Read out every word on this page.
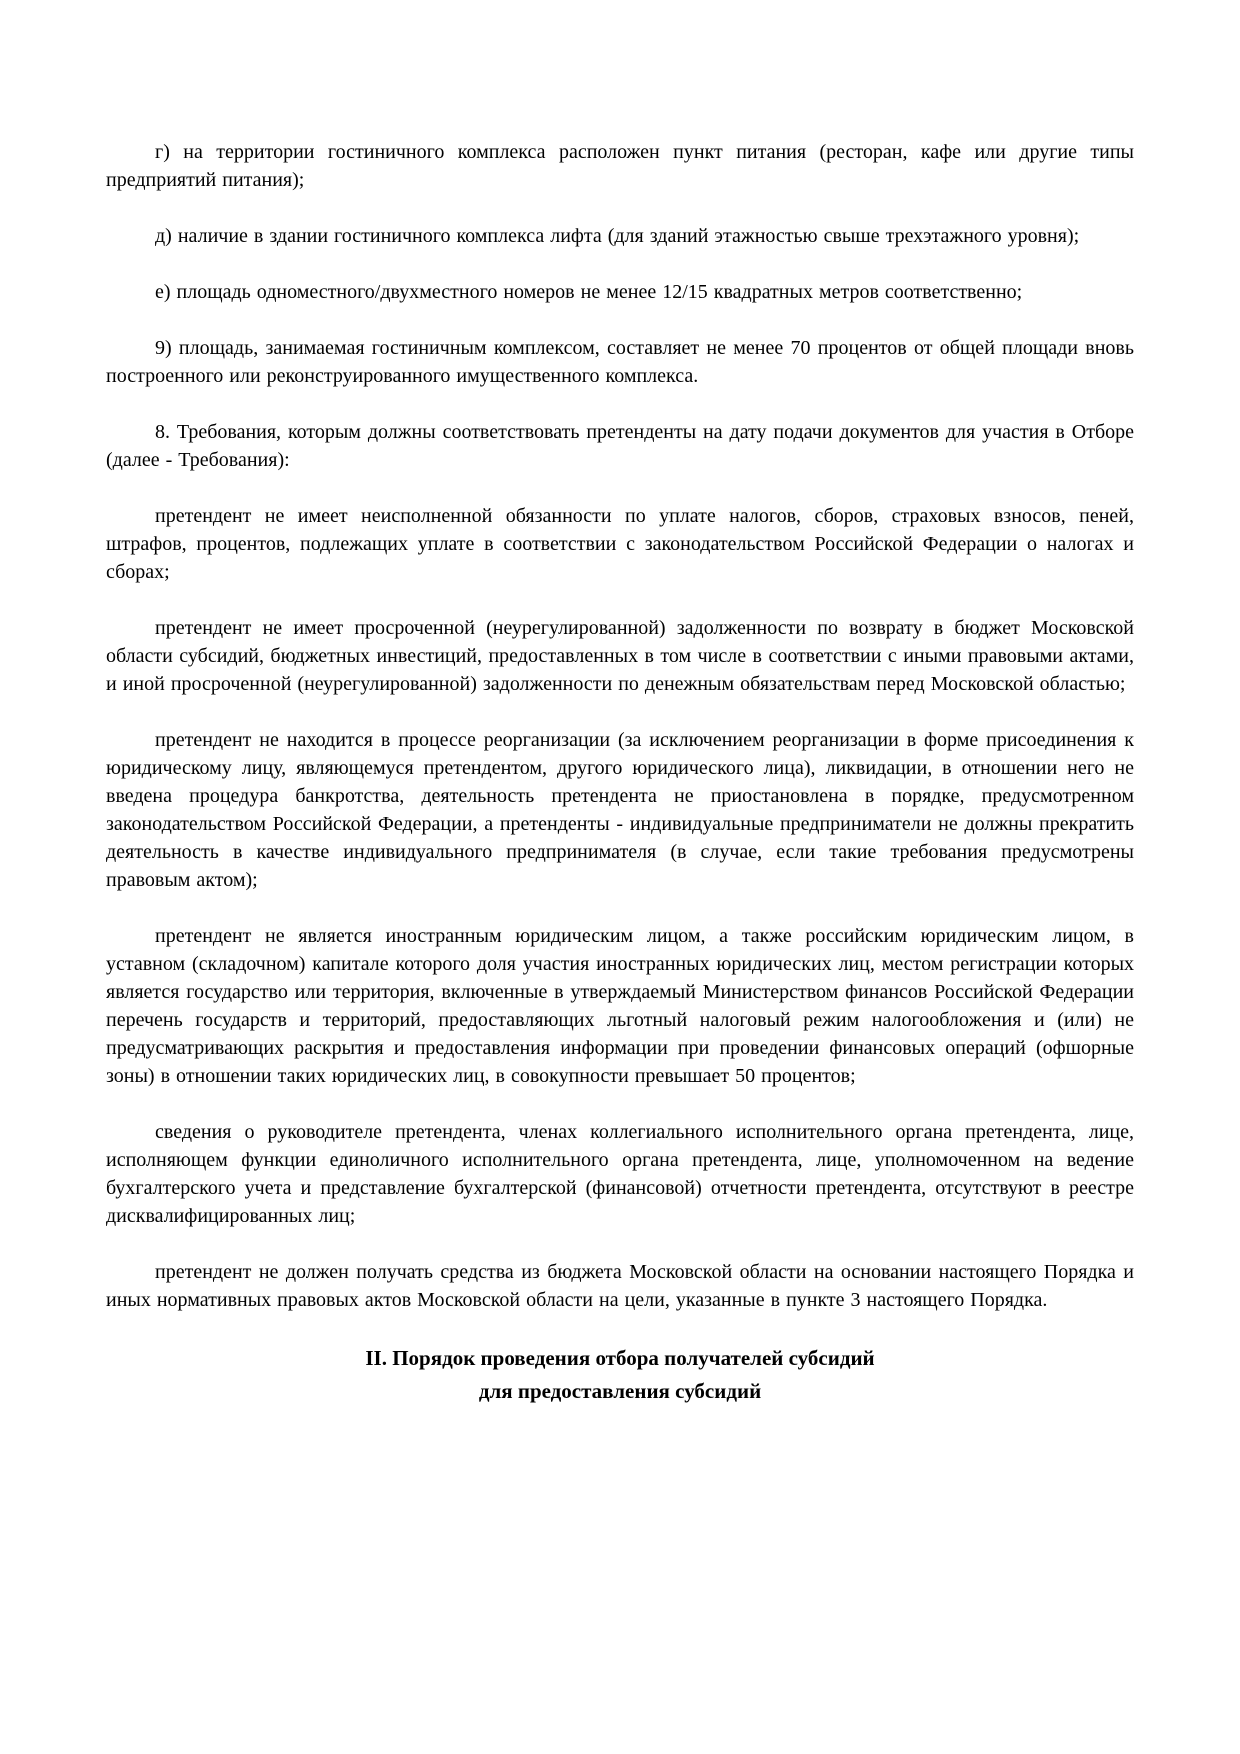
г) на территории гостиничного комплекса расположен пункт питания (ресторан, кафе или другие типы предприятий питания);

д) наличие в здании гостиничного комплекса лифта (для зданий этажностью свыше трехэтажного уровня);

е) площадь одноместного/двухместного номеров не менее 12/15 квадратных метров соответственно;

9) площадь, занимаемая гостиничным комплексом, составляет не менее 70 процентов от общей площади вновь построенного или реконструированного имущественного комплекса.

8. Требования, которым должны соответствовать претенденты на дату подачи документов для участия в Отборе (далее - Требования):

претендент не имеет неисполненной обязанности по уплате налогов, сборов, страховых взносов, пеней, штрафов, процентов, подлежащих уплате в соответствии с законодательством Российской Федерации о налогах и сборах;

претендент не имеет просроченной (неурегулированной) задолженности по возврату в бюджет Московской области субсидий, бюджетных инвестиций, предоставленных в том числе в соответствии с иными правовыми актами, и иной просроченной (неурегулированной) задолженности по денежным обязательствам перед Московской областью;

претендент не находится в процессе реорганизации (за исключением реорганизации в форме присоединения к юридическому лицу, являющемуся претендентом, другого юридического лица), ликвидации, в отношении него не введена процедура банкротства, деятельность претендента не приостановлена в порядке, предусмотренном законодательством Российской Федерации, а претенденты - индивидуальные предприниматели не должны прекратить деятельность в качестве индивидуального предпринимателя (в случае, если такие требования предусмотрены правовым актом);

претендент не является иностранным юридическим лицом, а также российским юридическим лицом, в уставном (складочном) капитале которого доля участия иностранных юридических лиц, местом регистрации которых является государство или территория, включенные в утверждаемый Министерством финансов Российской Федерации перечень государств и территорий, предоставляющих льготный налоговый режим налогообложения и (или) не предусматривающих раскрытия и предоставления информации при проведении финансовых операций (офшорные зоны) в отношении таких юридических лиц, в совокупности превышает 50 процентов;

сведения о руководителе претендента, членах коллегиального исполнительного органа претендента, лице, исполняющем функции единоличного исполнительного органа претендента, лице, уполномоченном на ведение бухгалтерского учета и представление бухгалтерской (финансовой) отчетности претендента, отсутствуют в реестре дисквалифицированных лиц;

претендент не должен получать средства из бюджета Московской области на основании настоящего Порядка и иных нормативных правовых актов Московской области на цели, указанные в пункте 3 настоящего Порядка.

II. Порядок проведения отбора получателей субсидий
для предоставления субсидий
